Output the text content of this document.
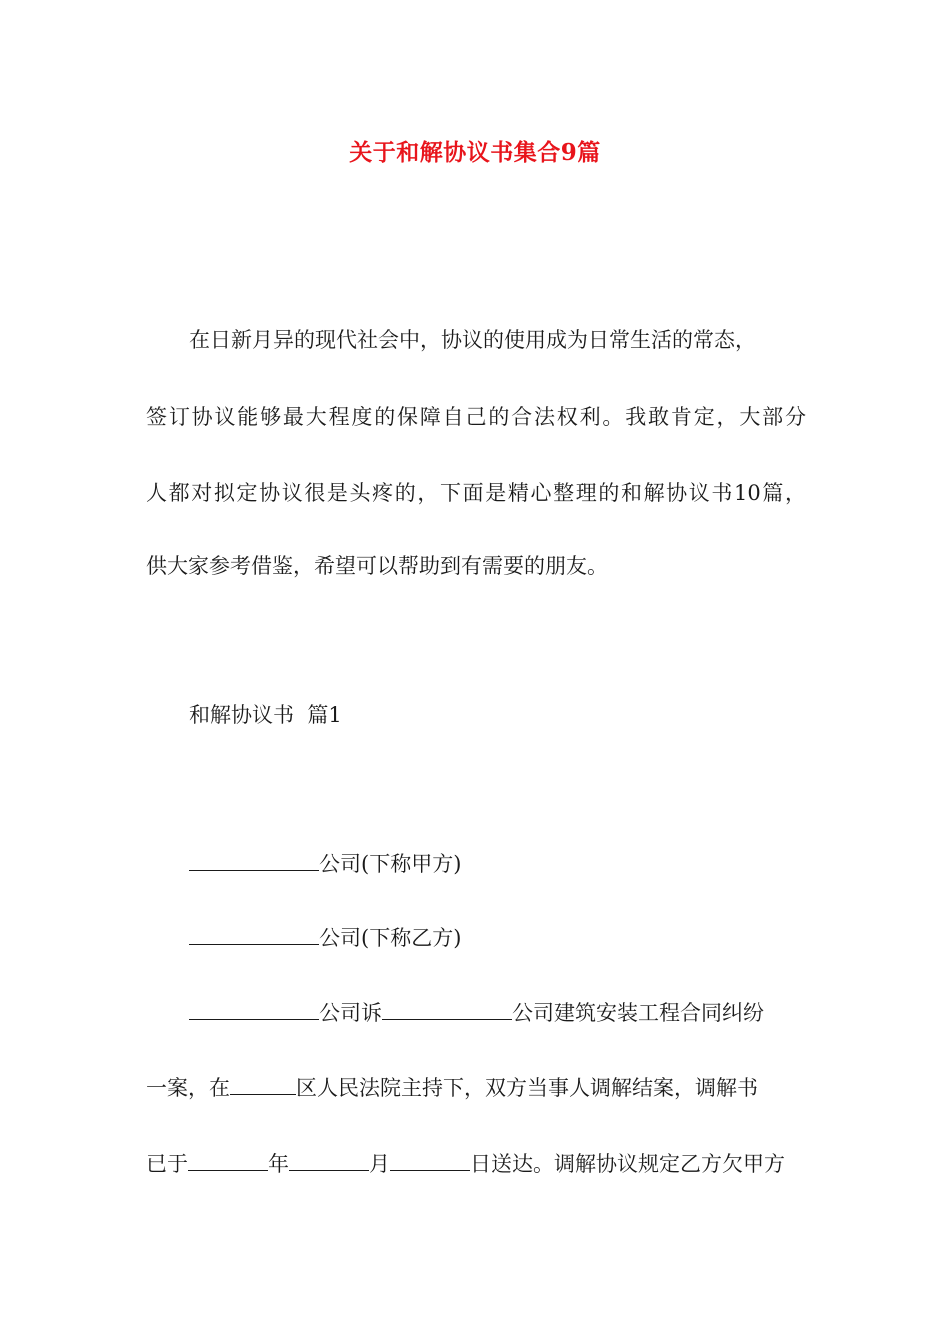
关于和解协议书集合9篇
在日新月异的现代社会中，协议的使用成为日常生活的常态，
签订协议能够最大程度的保障自己的合法权利。我敢肯定，大部分
人都对拟定协议很是头疼的，下面是精心整理的和解协议书10篇，
供大家参考借鉴，希望可以帮助到有需要的朋友。
和解协议书  篇1
公司(下称甲方)
公司(下称乙方)
公司诉	公司建筑安装工程合同纠纷
一案，在	区人民法院主持下，双方当事人调解结案，调解书
已于	年	月	日送达。调解协议规定乙方欠甲方
